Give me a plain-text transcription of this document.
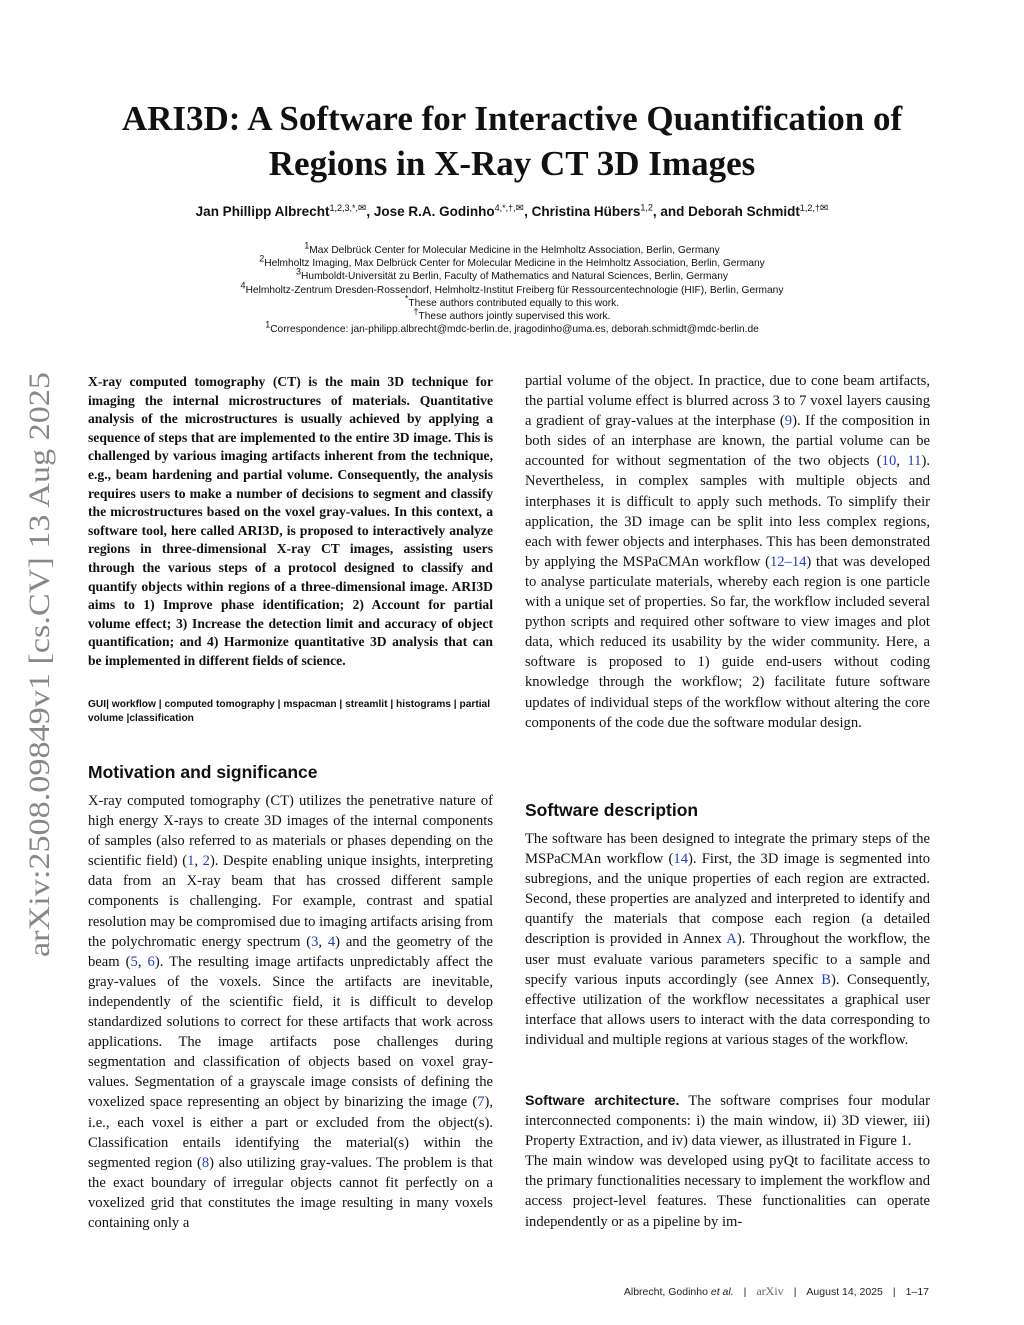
arXiv:2508.09849v1 [cs.CV] 13 Aug 2025
ARI3D: A Software for Interactive Quantification of Regions in X-Ray CT 3D Images
Jan Phillipp Albrecht$^{1,2,3,*,✉}$, Jose R.A. Godinho$^{4,*,\dagger,✉}$, Christina Hübers$^{1,2}$, and Deborah Schmidt$^{1,2,\dagger✉}$
$^1$Max Delbrück Center for Molecular Medicine in the Helmholtz Association, Berlin, Germany
$^2$Helmholtz Imaging, Max Delbrück Center for Molecular Medicine in the Helmholtz Association, Berlin, Germany
$^3$Humboldt-Universität zu Berlin, Faculty of Mathematics and Natural Sciences, Berlin, Germany
$^4$Helmholtz-Zentrum Dresden-Rossendorf, Helmholtz-Institut Freiberg für Ressourcentechnologie (HIF), Berlin, Germany
*These authors contributed equally to this work.
†These authors jointly supervised this work.
$^1$Correspondence: jan-philipp.albrecht@mdc-berlin.de, jragodinho@uma.es, deborah.schmidt@mdc-berlin.de
X-ray computed tomography (CT) is the main 3D technique for imaging the internal microstructures of materials. Quantitative analysis of the microstructures is usually achieved by applying a sequence of steps that are implemented to the entire 3D image. This is challenged by various imaging artifacts inherent from the technique, e.g., beam hardening and partial volume. Consequently, the analysis requires users to make a number of decisions to segment and classify the microstructures based on the voxel gray-values. In this context, a software tool, here called ARI3D, is proposed to interactively analyze regions in three-dimensional X-ray CT images, assisting users through the various steps of a protocol designed to classify and quantify objects within regions of a three-dimensional image. ARI3D aims to 1) Improve phase identification; 2) Account for partial volume effect; 3) Increase the detection limit and accuracy of object quantification; and 4) Harmonize quantitative 3D analysis that can be implemented in different fields of science.
GUI| workflow | computed tomography | mspacman | streamlit | histograms | partial volume |classification
Motivation and significance

X-ray computed tomography (CT) utilizes the penetrative nature of high energy X-rays to create 3D images of the internal components of samples (also referred to as materials or phases depending on the scientific field) (1, 2). Despite enabling unique insights, interpreting data from an X-ray beam that has crossed different sample components is challenging. For example, contrast and spatial resolution may be compromised due to imaging artifacts arising from the polychromatic energy spectrum (3, 4) and the geometry of the beam (5, 6). The resulting image artifacts unpredictably affect the gray-values of the voxels. Since the artifacts are inevitable, independently of the scientific field, it is difficult to develop standardized solutions to correct for these artifacts that work across applications. The image artifacts pose challenges during segmentation and classification of objects based on voxel gray-values. Segmentation of a grayscale image consists of defining the voxelized space representing an object by binarizing the image (7), i.e., each voxel is either a part or excluded from the object(s). Classification entails identifying the material(s) within the segmented region (8) also utilizing gray-values. The problem is that the exact boundary of irregular objects cannot fit perfectly on a voxelized grid that constitutes the image resulting in many voxels containing only a

partial volume of the object. In practice, due to cone beam artifacts, the partial volume effect is blurred across 3 to 7 voxel layers causing a gradient of gray-values at the interphase (9). If the composition in both sides of an interphase are known, the partial volume can be accounted for without segmentation of the two objects (10, 11). Nevertheless, in complex samples with multiple objects and interphases it is difficult to apply such methods. To simplify their application, the 3D image can be split into less complex regions, each with fewer objects and interphases. This has been demonstrated by applying the MSPaCMAn workflow (12–14) that was developed to analyse particulate materials, whereby each region is one particle with a unique set of properties. So far, the workflow included several python scripts and required other software to view images and plot data, which reduced its usability by the wider community. Here, a software is proposed to 1) guide end-users without coding knowledge through the workflow; 2) facilitate future software updates of individual steps of the workflow without altering the core components of the code due the software modular design.

Software description

The software has been designed to integrate the primary steps of the MSPaCMAn workflow (14). First, the 3D image is segmented into subregions, and the unique properties of each region are extracted. Second, these properties are analyzed and interpreted to identify and quantify the materials that compose each region (a detailed description is provided in Annex A). Throughout the workflow, the user must evaluate various parameters specific to a sample and specify various inputs accordingly (see Annex B). Consequently, effective utilization of the workflow necessitates a graphical user interface that allows users to interact with the data corresponding to individual and multiple regions at various stages of the workflow.

Software architecture. The software comprises four modular interconnected components: i) the main window, ii) 3D viewer, iii) Property Extraction, and iv) data viewer, as illustrated in Figure 1.

The main window was developed using pyQt to facilitate access to the primary functionalities necessary to implement the workflow and access project-level features. These functionalities can operate independently or as a pipeline by im-

Albrecht, Godinho et al. | arXiv | August 14, 2025 | 1–17
